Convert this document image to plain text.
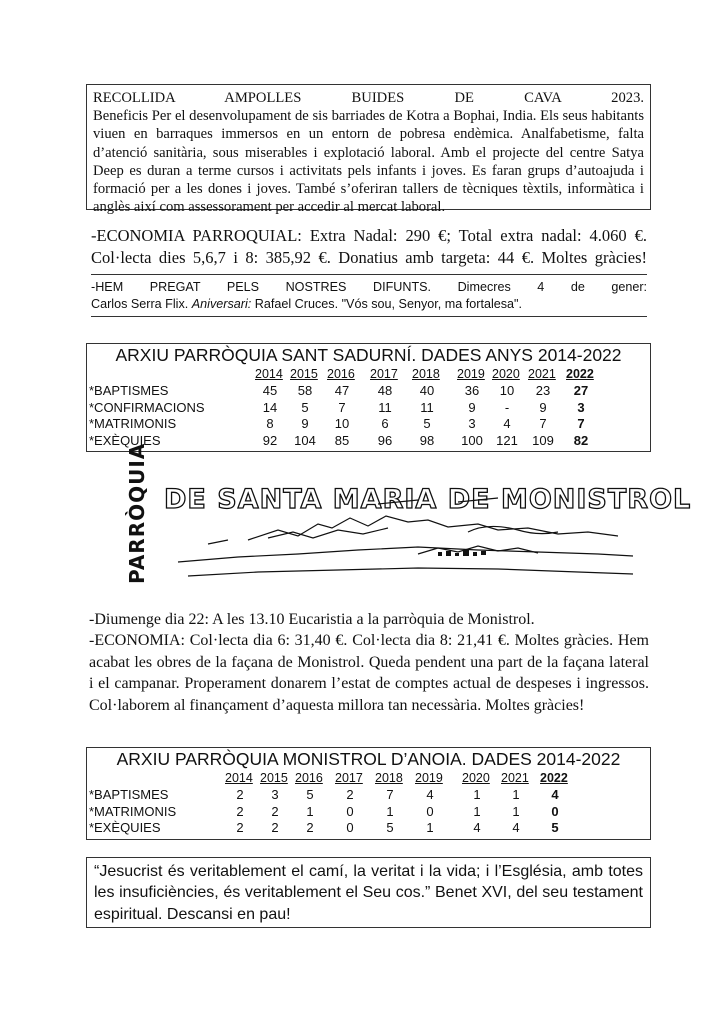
RECOLLIDA	AMPOLLES	BUIDES	DE	CAVA	2023.
Beneficis Per el desenvolupament de sis barriades de Kotra a Bophai, India. Els seus habitants viuen en barraques immersos en un entorn de pobresa endèmica. Analfabetisme, falta d’atenció sanitària, sous miserables i explotació laboral. Amb el projecte del centre Satya Deep es duran a terme cursos i activitats pels infants i joves. Es faran grups d’autoajuda i formació per a les dones i joves. També s’oferiran tallers de tècniques tèxtils, informàtica i anglès així com assessorament per accedir al mercat laboral.
-ECONOMIA PARROQUIAL: Extra Nadal: 290 €; Total extra nadal: 4.060 €.
Col·lecta dies 5,6,7 i 8: 385,92 €. Donatius amb targeta: 44 €. Moltes gràcies!
-HEM PREGAT PELS NOSTRES DIFUNTS. Dimecres 4 de gener:
Carlos Serra Flix. Aniversari: Rafael Cruces. "Vós sou, Senyor, ma fortalesa".
ARXIU PARRÒQUIA SANT SADURNÍ. DADES ANYS 2014-2022
2014 2015 2016 2017 2018 2019 2020 2021 2022
*BAPTISMES	45	58	47	48	40	36	10	23	27
*CONFIRMACIONS	14	5	7	11	11	9	-	9	3
*MATRIMONIS	8	9	10	6	5	3	4	7	7
*EXÈQUIES	92	104	85	96	98	100	121	109	82
PARRÒQUIA DE SANTA MARIA DE MONISTROL
-Diumenge dia 22: A les 13.10 Eucaristia a la parròquia de Monistrol.
-ECONOMIA: Col·lecta dia 6: 31,40 €. Col·lecta dia 8: 21,41 €. Moltes gràcies. Hem acabat les obres de la façana de Monistrol. Queda pendent una part de la façana lateral i el campanar. Properament donarem l’estat de comptes actual de despeses i ingressos. Col·laborem al finançament d’aquesta millora tan necessària. Moltes gràcies!
ARXIU PARRÒQUIA MONISTROL D’ANOIA. DADES 2014-2022
2014 2015 2016 2017 2018 2019 2020 2021 2022
*BAPTISMES	2	3	5	2	7	4	1	1	4
*MATRIMONIS	2	2	1	0	1	0	1	1	0
*EXÈQUIES	2	2	2	0	5	1	4	4	5
“Jesucrist és veritablement el camí, la veritat i la vida; i l’Església, amb totes les insuficiències, és veritablement el Seu cos.” Benet XVI, del seu testament espiritual. Descansi en pau!
